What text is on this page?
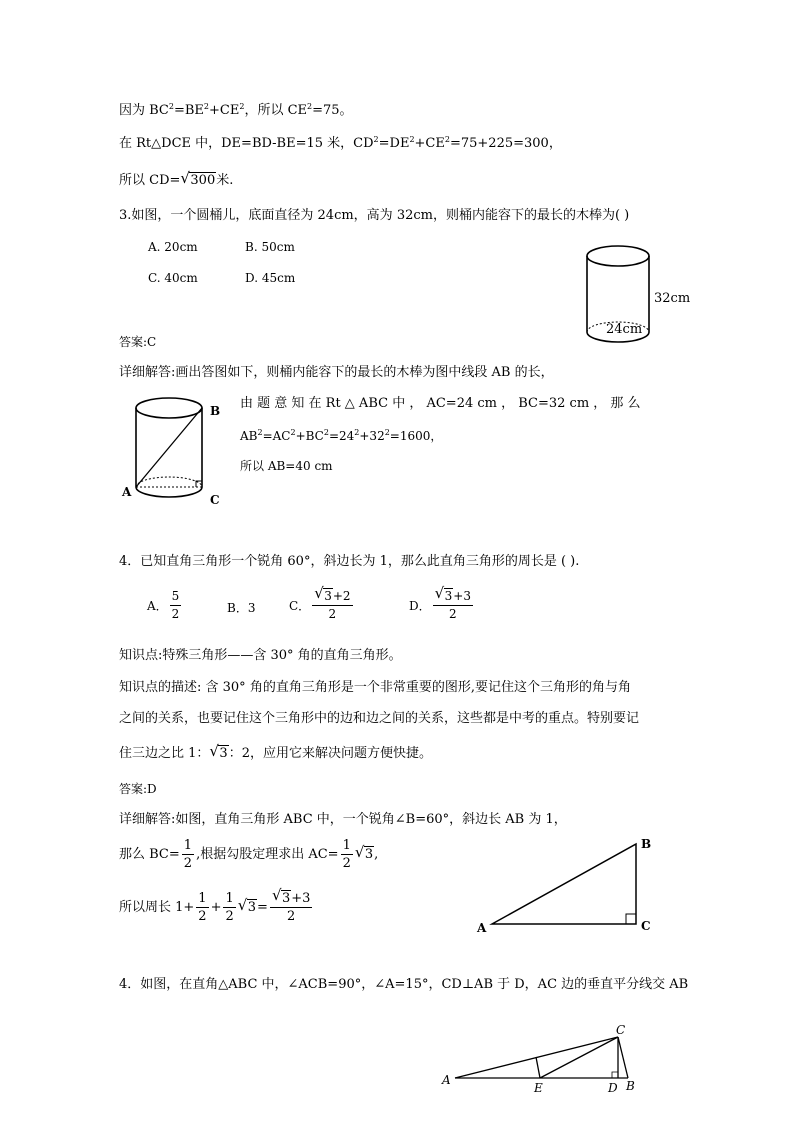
因为 $BC^2=BE^2+CE^2$，所以 $CE^2=75$。
在 Rt△DCE 中，DE=BD-BE=15 米，$CD^2=DE^2+CE^2=75+225=300$，
所以 CD= √ 300米.
3.如图，一个圆桶儿，底面直径为 24cm，高为 32cm，则桶内能容下的最长的木棒为( )
A. 20cm	B. 50cm
C. 40cm	D. 45cm
32cm
24cm
答案:C
详细解答:画出答图如下，则桶内能容下的最长的木棒为图中线段 AB 的长，
B
A
C
由 题 意 知 在 Rt △ ABC 中 ， AC=24 cm ， BC=32 cm ， 那 么
$AB^2=AC^2+BC^2=24^2+32^2=1600$，
所以 AB=40 cm
4．已知直角三角形一个锐角 60°，斜边长为 1，那么此直角三角形的周长是 ( ).
A． $\frac{5}{2}$	B．3	C． $\frac{√ 3+2}{2}$	D． $\frac{√ 3+3}{2}$
知识点:特殊三角形——含 30° 角的直角三角形。
知识点的描述: 含 30° 角的直角三角形是一个非常重要的图形,要记住这个三角形的角与角
之间的关系，也要记住这个三角形中的边和边之间的关系，这些都是中考的重点。特别要记
住三边之比 1： √ 3：2，应用它来解决问题方便快捷。
答案:D
详细解答:如图，直角三角形 ABC 中，一个锐角∠B=60°，斜边长 AB 为 1，
那么 $BC= \frac{1}{2}$ ,根据勾股定理求出 $AC= \frac{1}{2}$ √ 3 ,
所以周长 $1+ \frac{1}{2} + \frac{1}{2}$ √ $3 = \frac{√ 3+3}{2}$
A
B
C
4．如图，在直角△ABC 中，∠ACB=90°，∠A=15°，CD⊥AB 于 D，AC 边的垂直平分线交 AB
A	B
C
D
E
